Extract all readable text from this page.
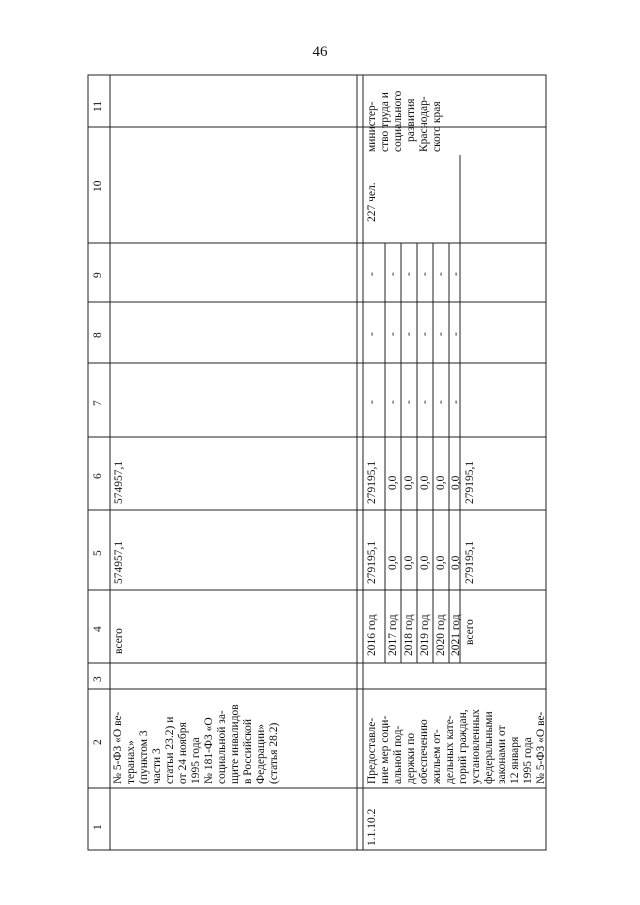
46
1
2
3
4
5
6
7
8
9
10
11
№ 5-ФЗ «О ве- теранах» (пунктом 3 части 3 статьи 23.2) и от 24 ноября 1995 года № 181-ФЗ «О социальной за- щите инвалидов в Российской Федерации» (статья 28.2)
всего
574957,1
574957,1
1.1.10.2
Предоставле- ние мер соци- альной под- держки по обеспечению жильем от- дельных кате- горий граждан, установленных федеральными законами от 12 января 1995 года № 5-ФЗ «О ве-
2016 год 2017 год 2018 год 2019 год 2020 год 2021 год всего
279195,1 0,0 0,0 0,0 0,0 0,0 279195,1
279195,1 0,0 0,0 0,0 0,0 0,0 279195,1
- - - - - -
- - - - - -
- - - - - -
227 чел.
министер- ство труда и социального развития Краснодар- ского края
